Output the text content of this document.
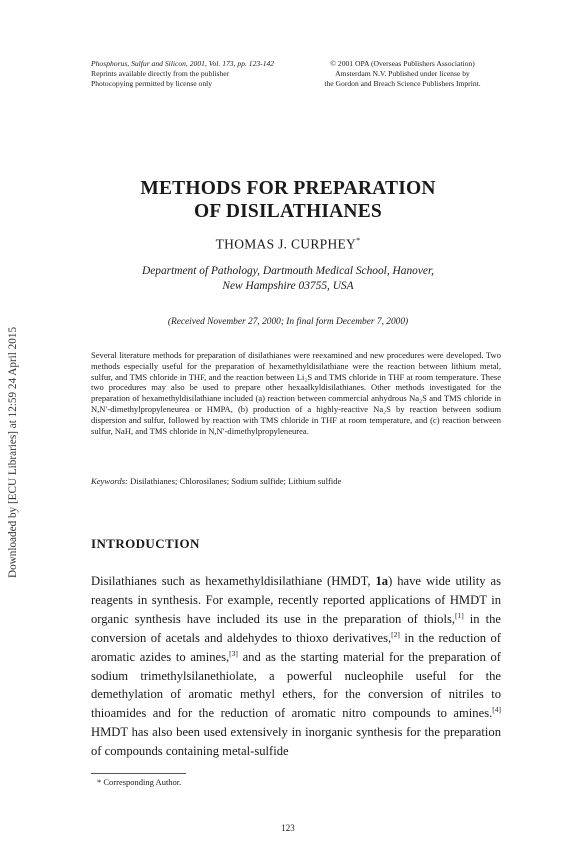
Phosphorus, Sulfur and Silicon, 2001, Vol. 173, pp. 123-142
Reprints available directly from the publisher
Photocopying permitted by license only
© 2001 OPA (Overseas Publishers Association)
Amsterdam N.V. Published under license by
the Gordon and Breach Science Publishers Imprint.
METHODS FOR PREPARATION
OF DISILATHIANES
THOMAS J. CURPHEY*
Department of Pathology, Dartmouth Medical School, Hanover,
New Hampshire 03755, USA
(Received November 27, 2000; In final form December 7, 2000)
Several literature methods for preparation of disilathianes were reexamined and new procedures were developed. Two methods especially useful for the preparation of hexamethyldisilathiane were the reaction between lithium metal, sulfur, and TMS chloride in THF, and the reaction between Li₂S and TMS chloride in THF at room temperature. These two procedures may also be used to prepare other hexaalkyldisilathianes. Other methods investigated for the preparation of hexamethyldisilathiane included (a) reaction between commercial anhydrous Na₂S and TMS chloride in N,N′-dimethylpropyleneurea or HMPA, (b) production of a highly-reactive Na₂S by reaction between sodium dispersion and sulfur, followed by reaction with TMS chloride in THF at room temperature, and (c) reaction between sulfur, NaH, and TMS chloride in N,N′-dimethylpropyleneurea.
Keywords: Disilathianes; Chlorosilanes; Sodium sulfide; Lithium sulfide
INTRODUCTION
Disilathianes such as hexamethyldisilathiane (HMDT, 1a) have wide utility as reagents in synthesis. For example, recently reported applications of HMDT in organic synthesis have included its use in the preparation of thiols,[1] in the conversion of acetals and aldehydes to thioxo derivatives,[2] in the reduction of aromatic azides to amines,[3] and as the starting material for the preparation of sodium trimethylsilanethiolate, a powerful nucleophile useful for the demethylation of aromatic methyl ethers, for the conversion of nitriles to thioamides and for the reduction of aromatic nitro compounds to amines.[4] HMDT has also been used extensively in inorganic synthesis for the preparation of compounds containing metal-sulfide
* Corresponding Author.
123
Downloaded by [ECU Libraries] at 12:59 24 April 2015
